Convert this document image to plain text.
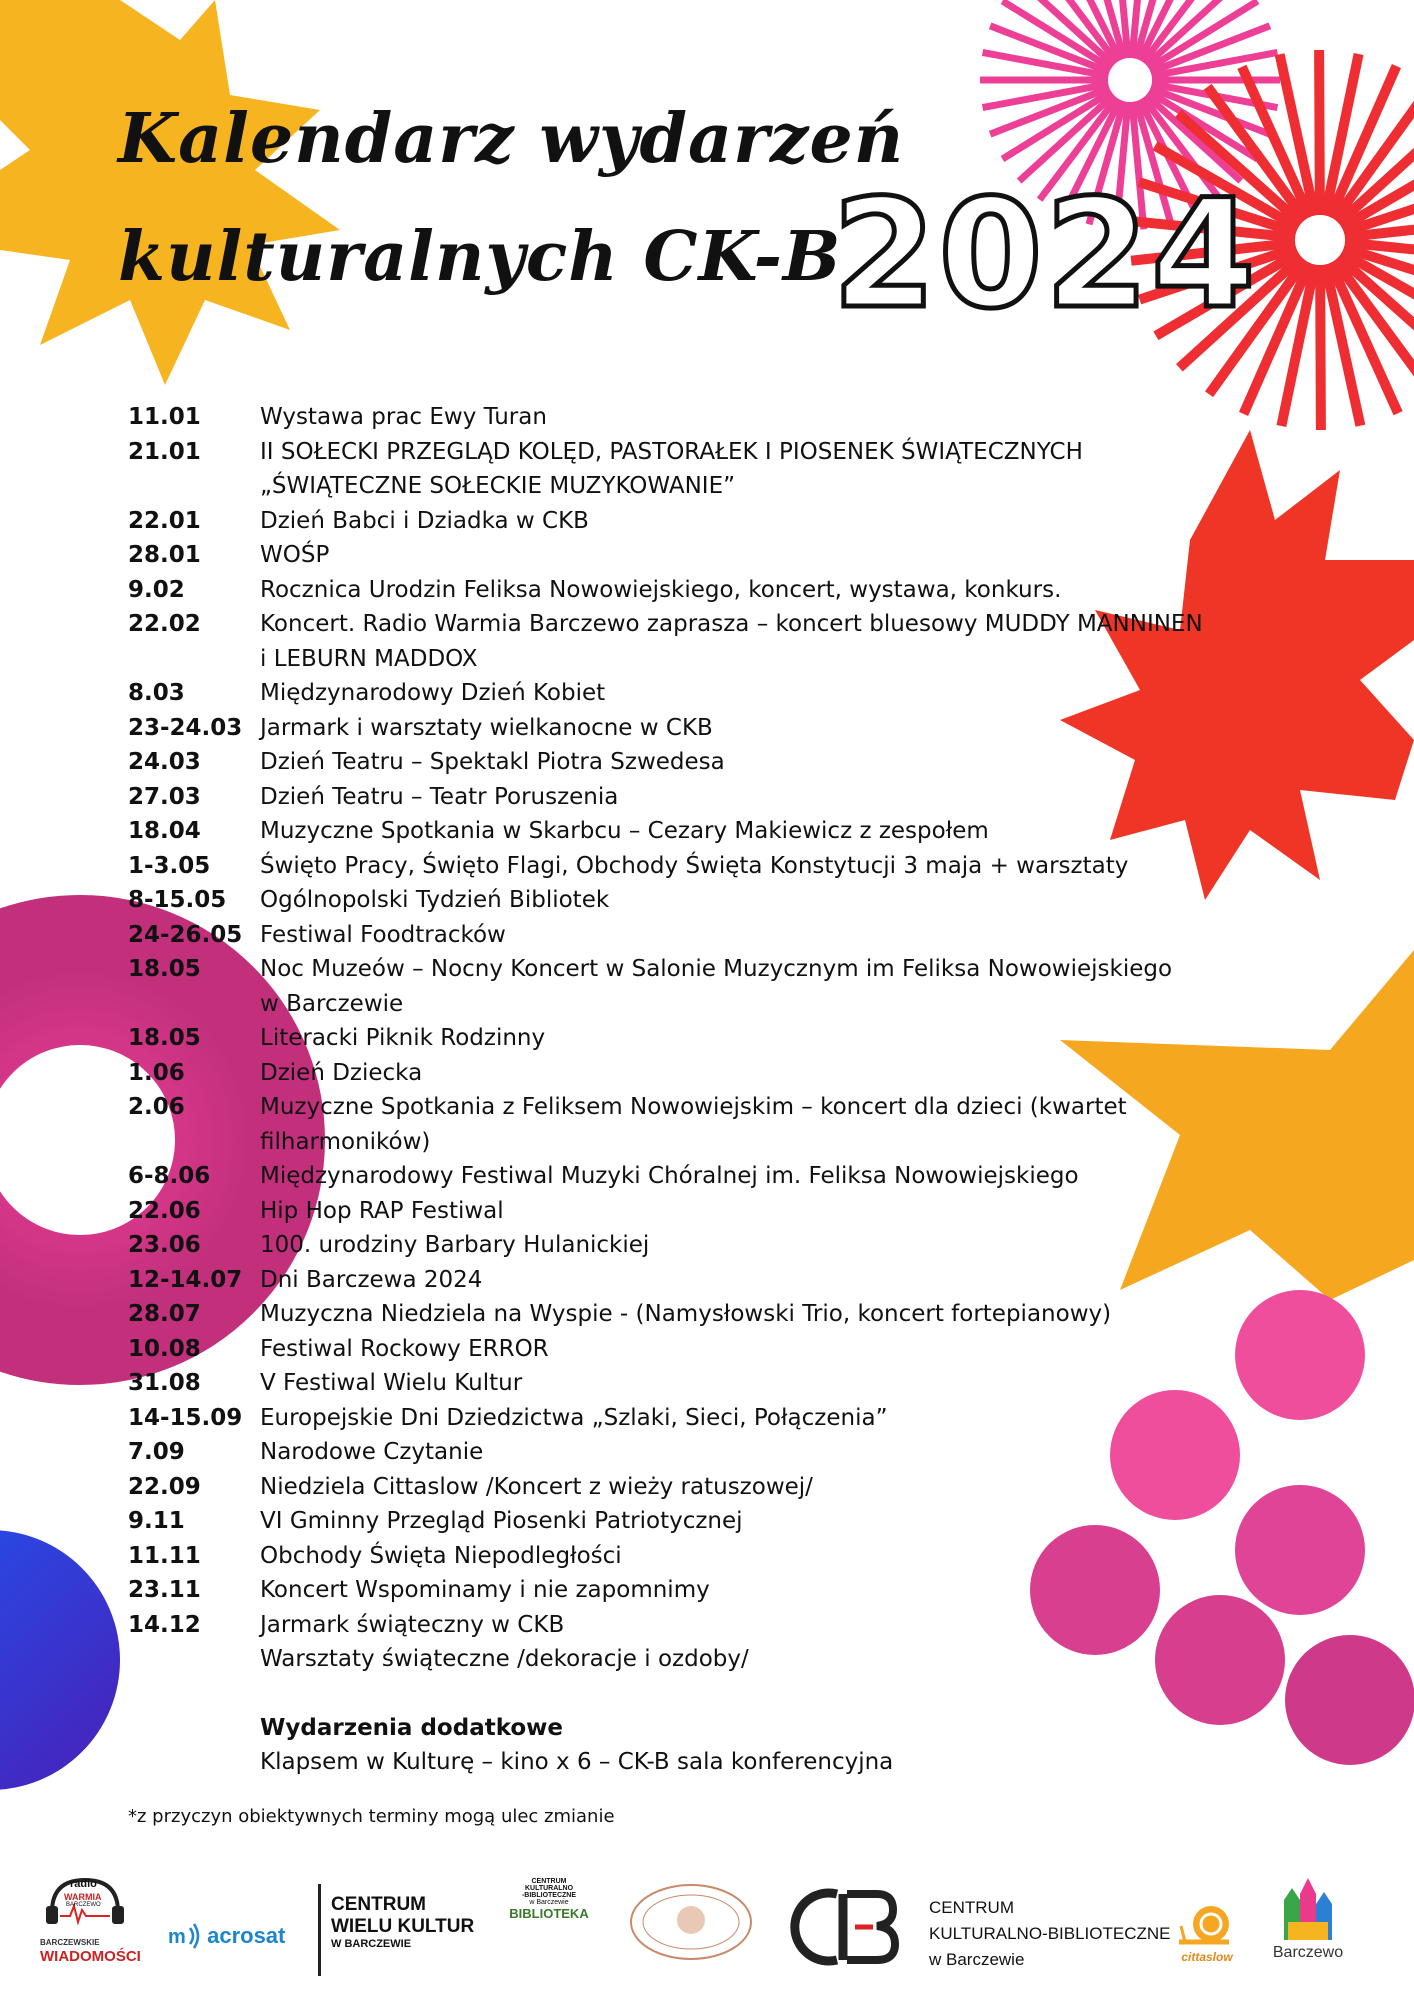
Kalendarz wydarzeń
kulturalnych CK-B
2024
11.01	Wystawa prac Ewy Turan
21.01	II SOŁECKI PRZEGLĄD KOLĘD, PASTORAŁEK I PIOSENEK ŚWIĄTECZNYCH
„ŚWIĄTECZNE SOŁECKIE MUZYKOWANIE”
22.01	Dzień Babci i Dziadka w CKB
28.01	WOŚP
9.02	Rocznica Urodzin Feliksa Nowowiejskiego, koncert, wystawa, konkurs.
22.02	Koncert. Radio Warmia Barczewo zaprasza – koncert bluesowy MUDDY MANNINEN
i LEBURN MADDOX
8.03	Międzynarodowy Dzień Kobiet
23-24.03 Jarmark i warsztaty wielkanocne w CKB
24.03	Dzień Teatru – Spektakl Piotra Szwedesa
27.03	Dzień Teatru – Teatr Poruszenia
18.04	Muzyczne Spotkania w Skarbcu – Cezary Makiewicz z zespołem
1-3.05 Święto Pracy, Święto Flagi, Obchody Święta Konstytucji 3 maja + warsztaty
8-15.05 Ogólnopolski Tydzień Bibliotek
24-26.05 Festiwal Foodtracków
18.05	Noc Muzeów – Nocny Koncert w Salonie Muzycznym im Feliksa Nowowiejskiego
w Barczewie
18.05	Literacki Piknik Rodzinny
1.06	Dzień Dziecka
2.06	Muzyczne Spotkania z Feliksem Nowowiejskim – koncert dla dzieci (kwartet
filharmoników)
6-8.06 Międzynarodowy Festiwal Muzyki Chóralnej im. Feliksa Nowowiejskiego
22.06	Hip Hop RAP Festiwal
23.06	100. urodziny Barbary Hulanickiej
12-14.07 Dni Barczewa 2024
28.07	Muzyczna Niedziela na Wyspie - (Namysłowski Trio, koncert fortepianowy)
10.08	Festiwal Rockowy ERROR
31.08	V Festiwal Wielu Kultur
14-15.09 Europejskie Dni Dziedzictwa „Szlaki, Sieci, Połączenia”
7.09	Narodowe Czytanie
22.09	Niedziela Cittaslow /Koncert z wieży ratuszowej/
9.11	VI Gminny Przegląd Piosenki Patriotycznej
11.11	Obchody Święta Niepodległości
23.11	Koncert Wspominamy i nie zapomnimy
14.12	Jarmark świąteczny w CKB
Warsztaty świąteczne /dekoracje i ozdoby/
Wydarzenia dodatkowe
Klapsem w Kulturę – kino x 6 – CK-B sala konferencyjna
*z przyczyn obiektywnych terminy mogą ulec zmianie
radio
WARMIA
BARCZEWO
BARCZEWSKIE
WIADOMOŚCI
m acrosat
CENTRUM
WIELU KULTUR
W BARCZEWIE
CENTRUM
KULTURALNO
-BIBLIOTECZNE
w Barczewie
BIBLIOTEKA	CENTRUM
KULTURALNO-BIBLIOTECZNE
w Barczewie	cittaslow	Barczewo
